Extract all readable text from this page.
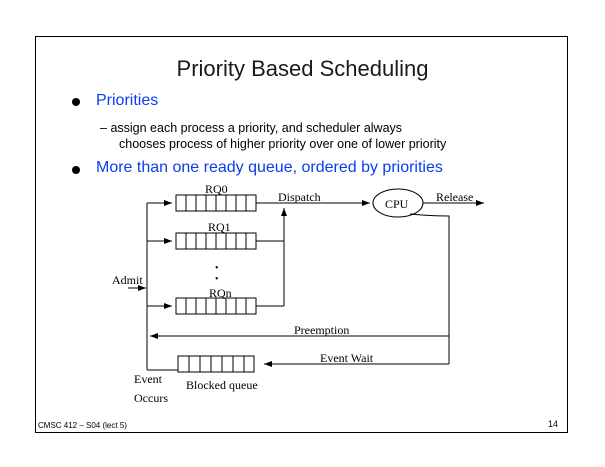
Priority Based Scheduling
Priorities
– assign each process a priority, and scheduler always
chooses process of higher priority over one of lower priority
More than one ready queue, ordered by priorities
RQ0
Dispatch
RQ1
•
•
Admit
RQn
CPU Release
Preemption
Event Wait
Blocked queue
Event
Occurs
CMSC 412 – S04 (lect 5)	14
